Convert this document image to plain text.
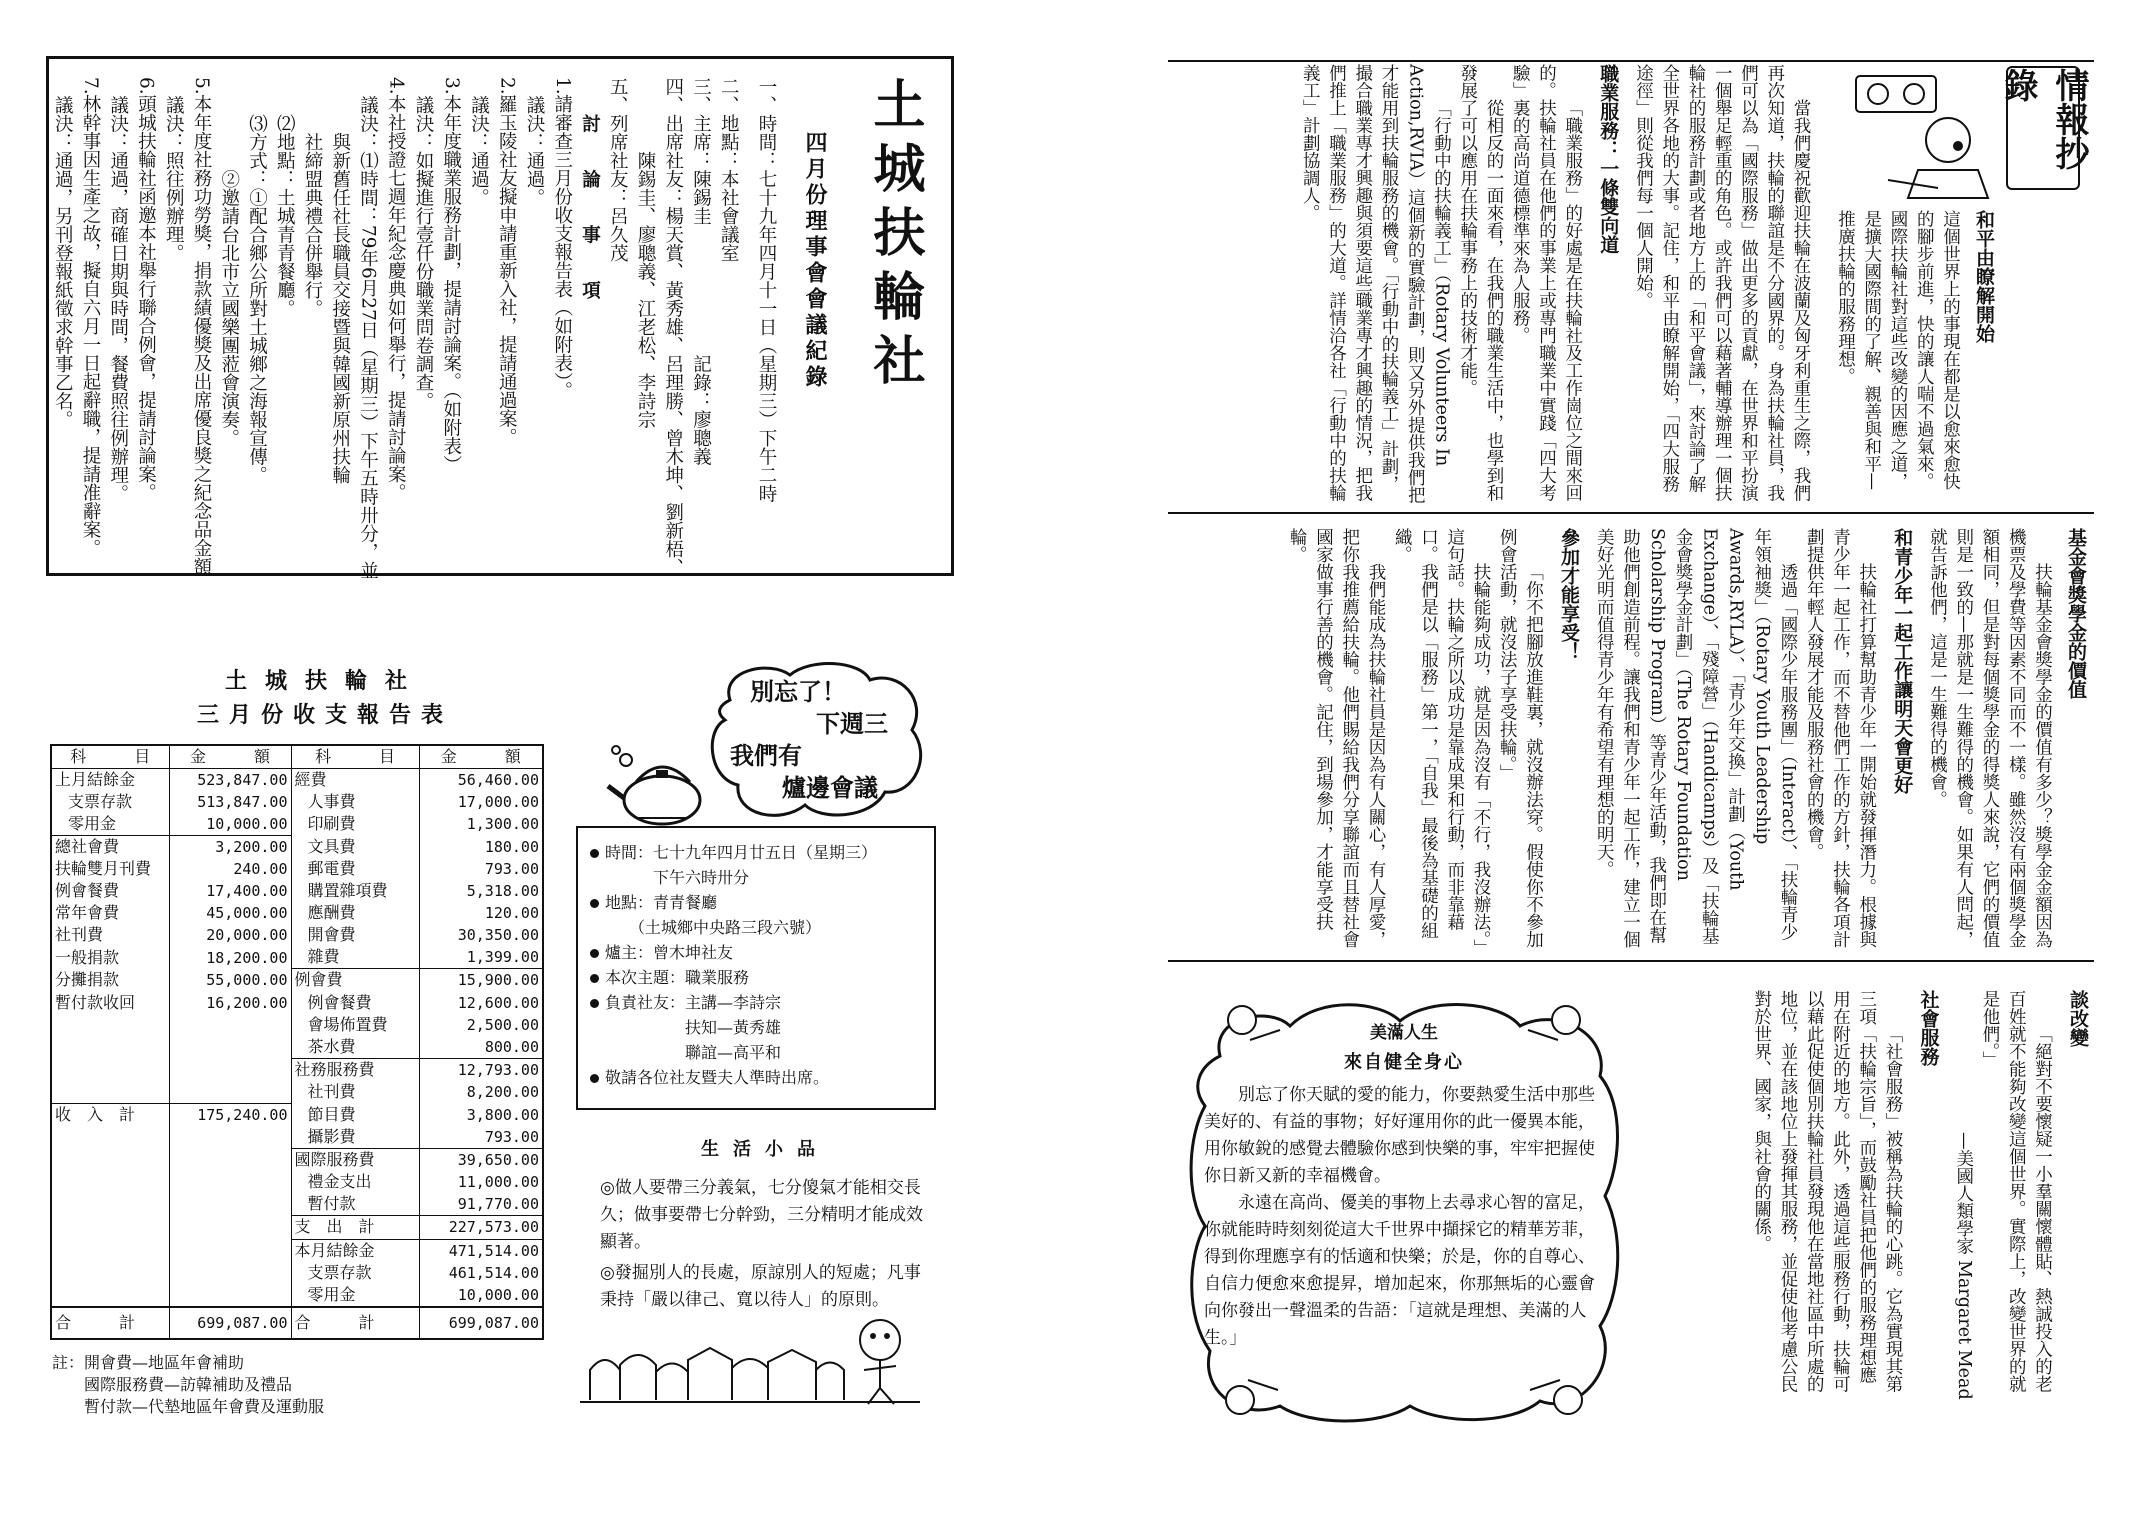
土城扶輪社
四月份理事會會議紀錄
一、時間：七十九年四月十一日（星期三）下午二時
二、地點：本社會議室
三、主席：陳錫圭　　　　　　　記錄：廖聰義
四、出席社友：楊天賞、黃秀雄、呂理勝、曾木坤、劉新梧、
　　　　陳錫圭、廖聰義、江老松、李詩宗
五、列席社友：呂久茂
　　討　　論　　事　　項
1.請審查三月份收支報告表（如附表）。
　議決：通過。
2.羅玉陵社友擬申請重新入社，提請通過案。
　議決：通過。
3.本年度職業服務計劃，提請討論案。（如附表）
　議決：如擬進行壹仟份職業問卷調查。
4.本社授證七週年紀念慶典如何舉行，提請討論案。
　議決：⑴時間：79年6月27日（星期三）下午五時卅分，並
　　　與新舊任社長職員交接暨與韓國新原州扶輪
　　　社締盟典禮合併舉行。
　　⑵地點：土城青青餐廳。
　　⑶方式：①配合鄉公所對土城鄉之海報宣傳。
　　　　　②邀請台北市立國樂團蒞會演奏。
5.本年度社務功勞獎，捐款績優獎及出席優良獎之紀念品金額
　議決：照往例辦理。
6.頭城扶輪社函邀本社舉行聯合例會，提請討論案。
　議決：通過，商確日期與時間，餐費照往例辦理。
7.林幹事因生產之故，擬自六月一日起辭職，提請准辭案。
　議決：通過，另刊登報紙徵求幹事乙名。
土城扶輪社
三月份收支報告表
科　　　目	金　　　額	科　　　目	金　　　額
上月結餘金	523,847.00	經費	56,460.00
支票存款	513,847.00	人事費	17,000.00
零用金	10,000.00	印刷費	1,300.00
總社會費	3,200.00	文具費	180.00
扶輪雙月刊費	240.00	郵電費	793.00
例會餐費	17,400.00	購置雜項費	5,318.00
常年會費	45,000.00	應酬費	120.00
社刊費	20,000.00	開會費	30,350.00
一般捐款	18,200.00	雜費	1,399.00
分攤捐款	55,000.00	例會費	15,900.00
暫付款收回	16,200.00	例會餐費	12,600.00
		會場佈置費	2,500.00
		茶水費	800.00
		社務服務費	12,793.00
		社刊費	8,200.00
收　入　計	175,240.00	節目費	3,800.00
		攝影費	793.00
		國際服務費	39,650.00
		禮金支出	11,000.00
		暫付款	91,770.00
		支　出　計	227,573.00
		本月結餘金	471,514.00
		支票存款	461,514.00
		零用金	10,000.00
合　　　計	699,087.00	合　　　計	699,087.00
註：開會費—地區年會補助
　　國際服務費—訪韓補助及禮品
　　暫付款—代墊地區年會費及運動服
別忘了！
下週三
我們有
爐邊會議
時間：七十九年四月廿五日（星期三）
　　　下午六時卅分
地點：青青餐廳
　　（土城鄉中央路三段六號）
爐主：曾木坤社友
本次主題：職業服務
負責社友：主講—李詩宗
　　　　　扶知—黃秀雄
　　　　　聯誼—高平和
敬請各位社友暨夫人準時出席。
生活小品
◎做人要帶三分義氣，七分傻氣才能相交長久；做事要帶七分幹勁，三分精明才能成效顯著。
◎發掘別人的長處，原諒別人的短處；凡事秉持「嚴以律己、寬以待人」的原則。
情報抄錄
和平由瞭解開始
這個世界上的事現在都是以愈來愈快的腳步前進，快的讓人喘不過氣來。國際扶輪社對這些改變的因應之道，是擴大國際間的了解、親善與和平—推廣扶輪的服務理想。

當我們慶祝歡迎扶輪在波蘭及匈牙利重生之際，我們再次知道，扶輪的聯誼是不分國界的。身為扶輪社員，我們可以為「國際服務」做出更多的貢獻，在世界和平扮演一個舉足輕重的角色。或許我們可以藉著輔導辦理一個扶輪社的服務計劃或者地方上的「和平會議」，來討論了解全世界各地的大事。記住，和平由瞭解開始，「四大服務途徑」則從我們每一個人開始。

職業服務：一條雙向道

「職業服務」的好處是在扶輪社及工作崗位之間來回的。扶輪社員在他們的事業上或專門職業中實踐「四大考驗」裏的高尚道德標準來為人服務。

從相反的一面來看，在我們的職業生活中，也學到和發展了可以應用在扶輪事務上的技術才能。

「行動中的扶輪義工」（Rotary Volunteers In Action,RVIA）這個新的實驗計劃，則又另外提供我們把才能用到扶輪服務的機會。「行動中的扶輪義工」計劃，撮合職業專才興趣與須要這些職業專才興趣的情況，把我們推上「職業服務」的大道。詳情洽各社「行動中的扶輪義工」計劃協調人。

基金會獎學金的價值

扶輪基金會獎學金的價值有多少？獎學金金額因為機票及學費等因素不同而不一樣。雖然沒有兩個獎學金額相同，但是對每個獎學金的得獎人來說，它們的價值則是一致的—那就是一生難得的機會。如果有人問起，就告訴他們，這是一生難得的機會。

和青少年一起工作讓明天會更好

扶輪社打算幫助青少年一開始就發揮潛力。根據與青少年一起工作，而不替他們工作的方針，扶輪各項計劃提供年輕人發展才能及服務社會的機會。

透過「國際少年服務團」（Interact）、「扶輪青少年領袖獎」（Rotary Youth Leadership Awards,RYLA）、「青少年交換」計劃（Youth Exchange）、「殘障營」（Handicamps）及「扶輪基金會獎學金計劃」（The Rotary Foundation Scholarship Program）等青少年活動，我們即在幫助他們創造前程。讓我們和青少年一起工作，建立一個美好光明而值得青少年有希望有理想的明天。

參加才能享受！

「你不把腳放進鞋裏，就沒辦法穿。假使你不參加例會活動，就沒法子享受扶輪。」

扶輪能夠成功，就是因為沒有「不行，我沒辦法。」這句話。扶輪之所以成功是靠成果和行動，而非靠藉口。我們是以「服務」第一，「自我」最後為基礎的組織。

我們能成為扶輪社員是因為有人關心，有人厚愛，把你我推薦給扶輪。他們賜給我們分享聯誼而且替社會國家做事行善的機會。記住，到場參加，才能享受扶輪。

美滿人生
來自健全身心

別忘了你天賦的愛的能力，你要熱愛生活中那些美好的、有益的事物；好好運用你的此一優異本能，用你敏銳的感覺去體驗你感到快樂的事，牢牢把握使你日新又新的幸福機會。

永遠在高尚、優美的事物上去尋求心智的富足，你就能時時刻刻從這大千世界中擷採它的精華芳菲，得到你理應享有的恬適和快樂；於是，你的自尊心、自信力便愈來愈提昇，增加起來，你那無垢的心靈會向你發出一聲溫柔的告語：「這就是理想、美滿的人生。」

談改變

「絕對不要懷疑一小羣關懷體貼、熱誠投入的老百姓就不能夠改變這個世界。實際上，改變世界的就是他們。」

—美國人類學家 Margaret Mead
社會服務

「社會服務」被稱為扶輪的心跳。它為實現其第三項「扶輪宗旨」，而鼓勵社員把他們的服務理想應用在附近的地方。此外，透過這些服務行動，扶輪可以藉此促使個別扶輪社員發現他在當地社區中所處的地位，並在該地位上發揮其服務，並促使他考慮公民對於世界、國家，與社會的關係。
